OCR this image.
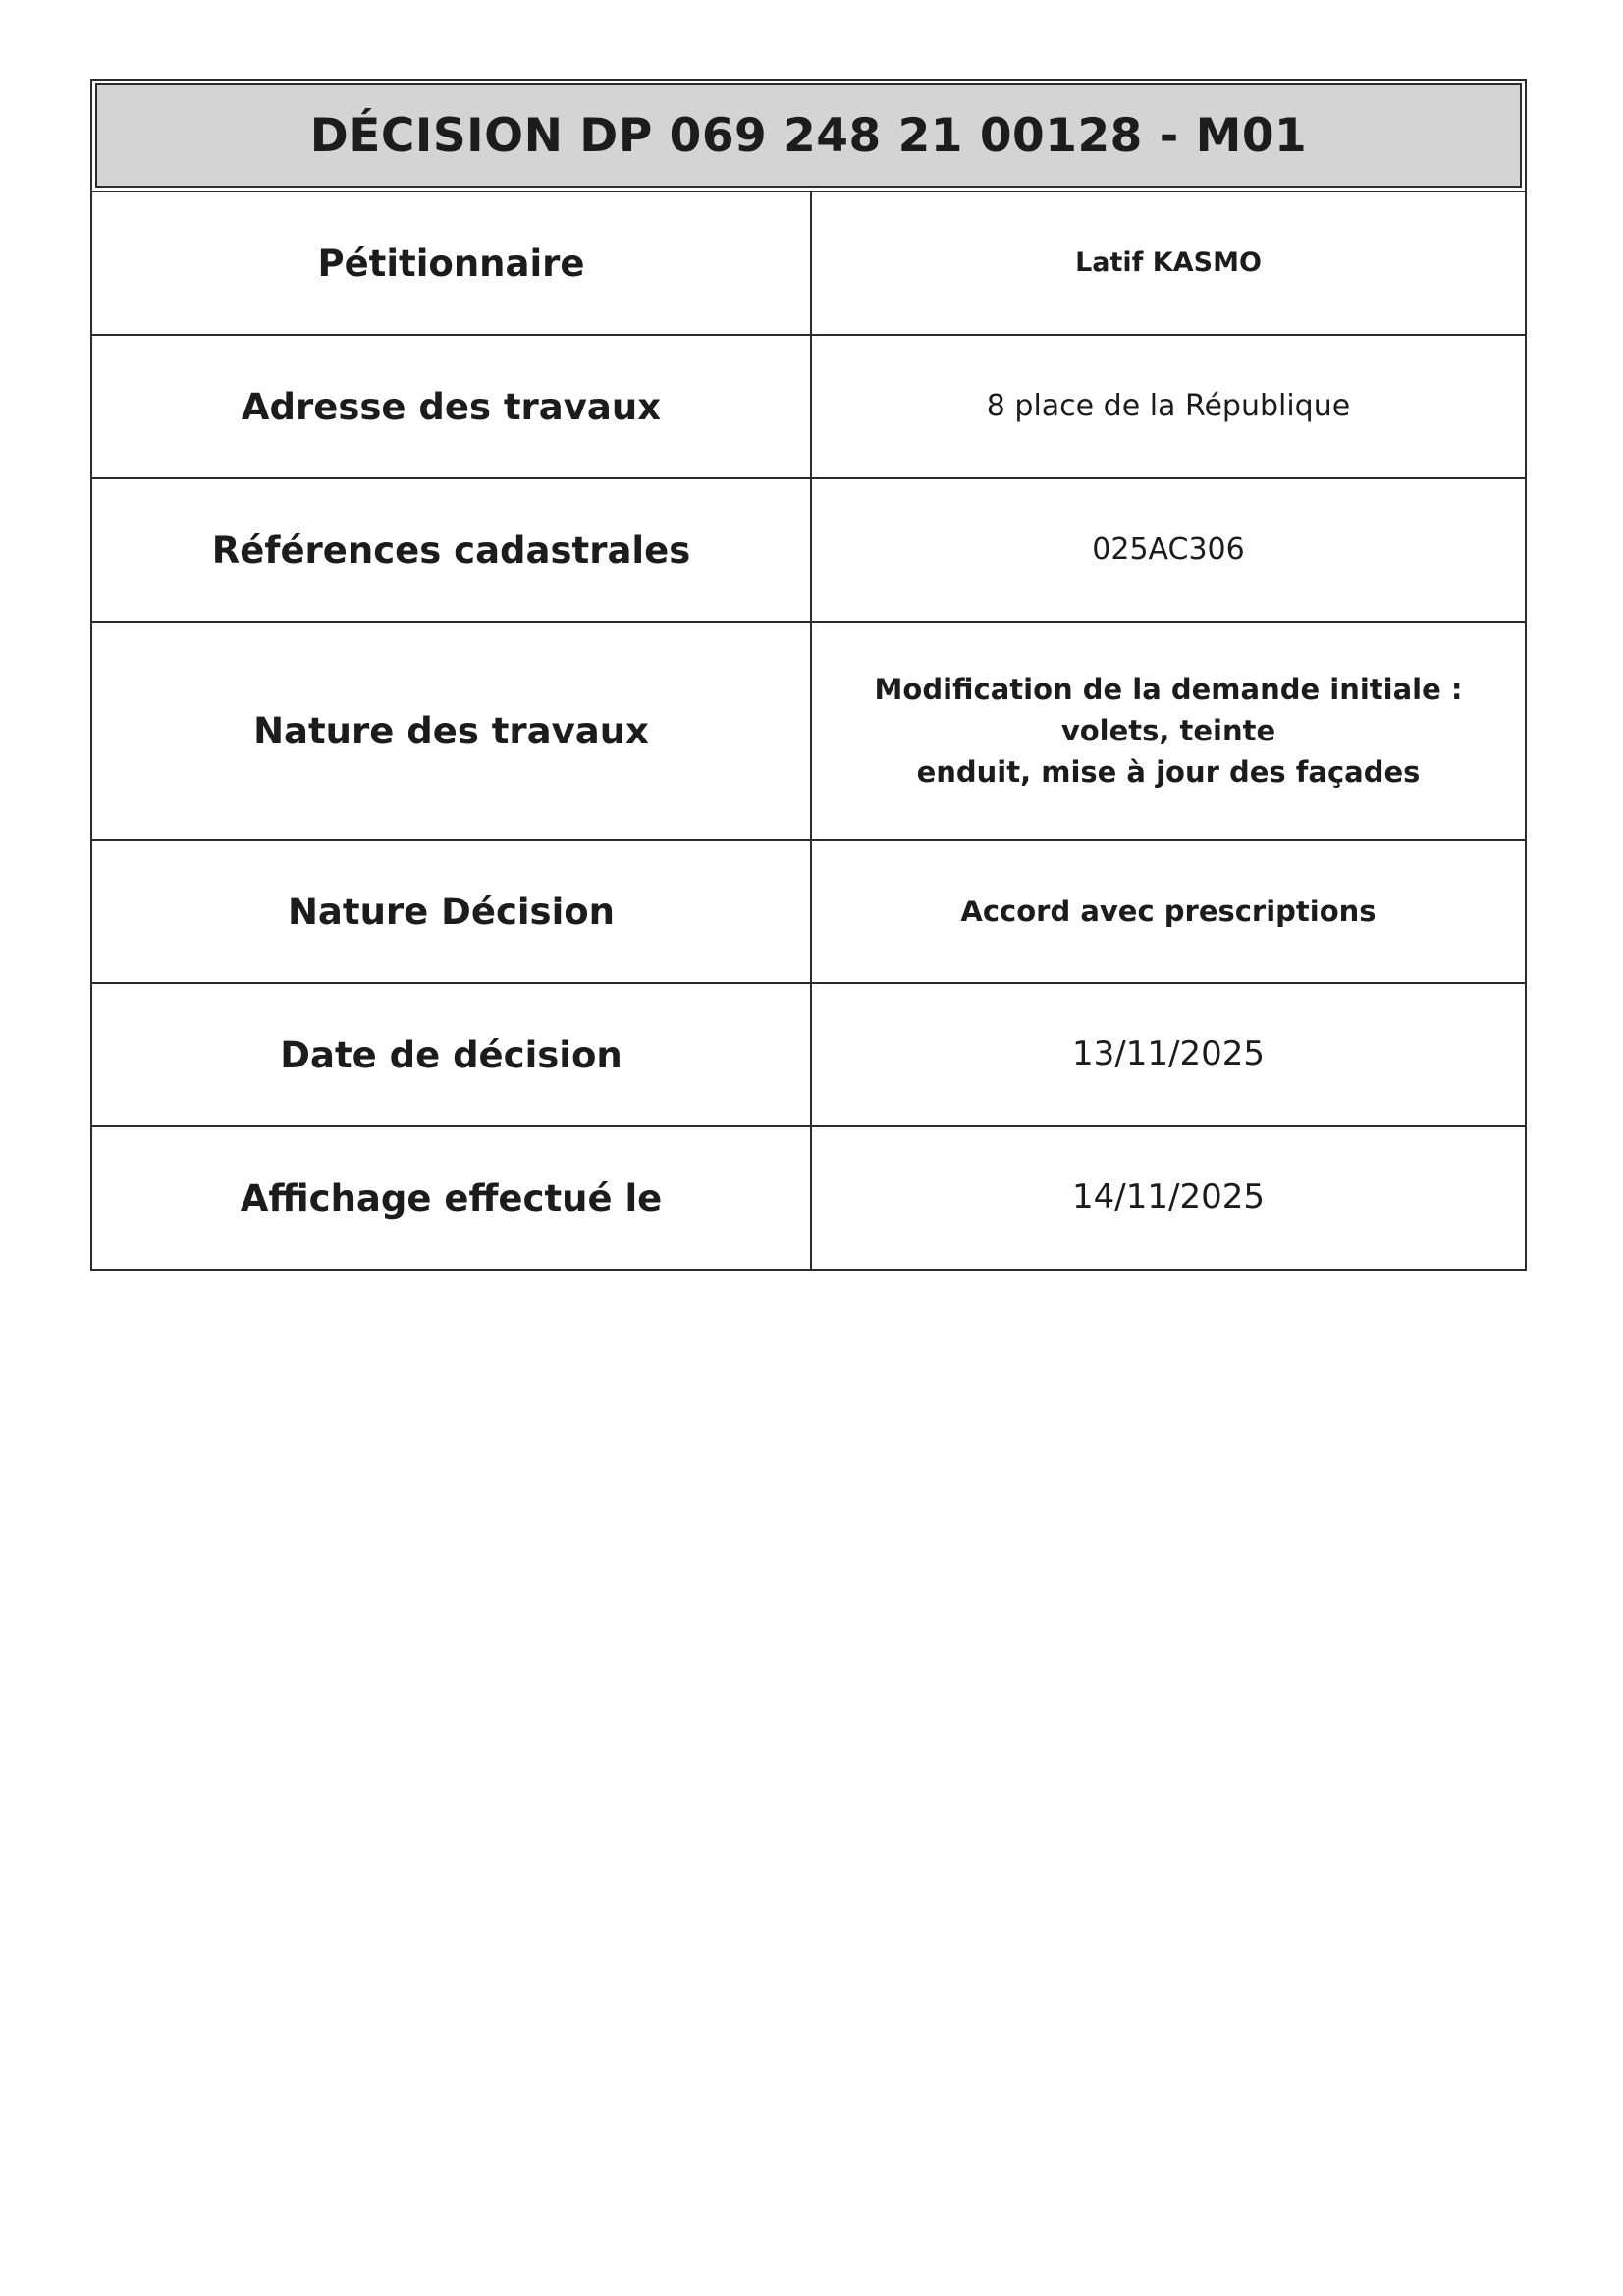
DÉCISION DP 069 248 21 00128 - M01
Pétitionnaire	Latif KASMO
Adresse des travaux	8 place de la République
Références cadastrales	025AC306
Nature des travaux	Modification de la demande initiale : volets, teinte
enduit, mise à jour des façades

Nature Décision	Accord avec prescriptions
Date de décision	13/11/2025
Affichage effectué le	14/11/2025
